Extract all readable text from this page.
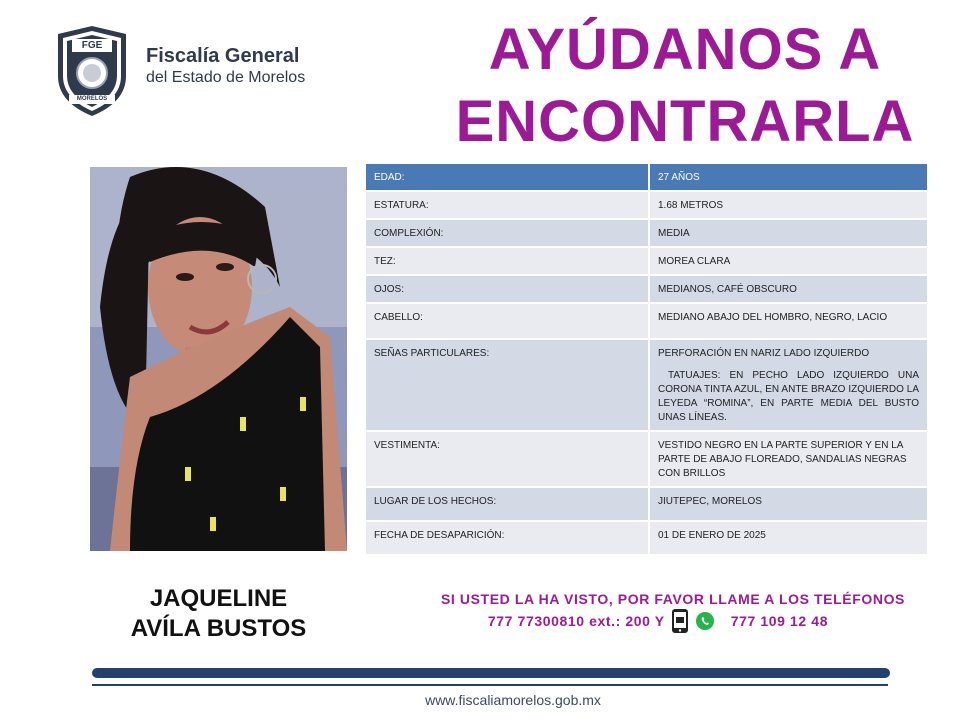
FGE
MORELOS
Fiscalía General
del Estado de Morelos	AYÚDANOS A
ENCONTRARLA
JAQUELINE
AVÍLA BUSTOS
EDAD:	27 AÑOS
ESTATURA:	1.68 METROS
COMPLEXIÓN:	MEDIA
TEZ:	MOREA CLARA
OJOS:	MEDIANOS, CAFÉ OBSCURO
CABELLO:	MEDIANO ABAJO DEL HOMBRO, NEGRO, LACIO
SEÑAS PARTICULARES:	PERFORACIÓN EN NARIZ LADO IZQUIERDO

TATUAJES: EN PECHO LADO IZQUIERDO UNA CORONA TINTA AZUL, EN ANTE BRAZO IZQUIERDO LA LEYEDA “ROMINA”, EN PARTE MEDIA DEL BUSTO UNAS LÍNEAS.

VESTIMENTA:	VESTIDO NEGRO EN LA PARTE SUPERIOR Y EN LA PARTE DE ABAJO FLOREADO, SANDALIAS NEGRAS CON BRILLOS
LUGAR DE LOS HECHOS:	JIUTEPEC, MORELOS
FECHA DE DESAPARICIÓN:	01 DE ENERO DE 2025
SI USTED LA HA VISTO, POR FAVOR LLAME A LOS TELÉFONOS
777 77300810 ext.: 200 Y	777 109 12 48
www.fiscaliamorelos.gob.mx
